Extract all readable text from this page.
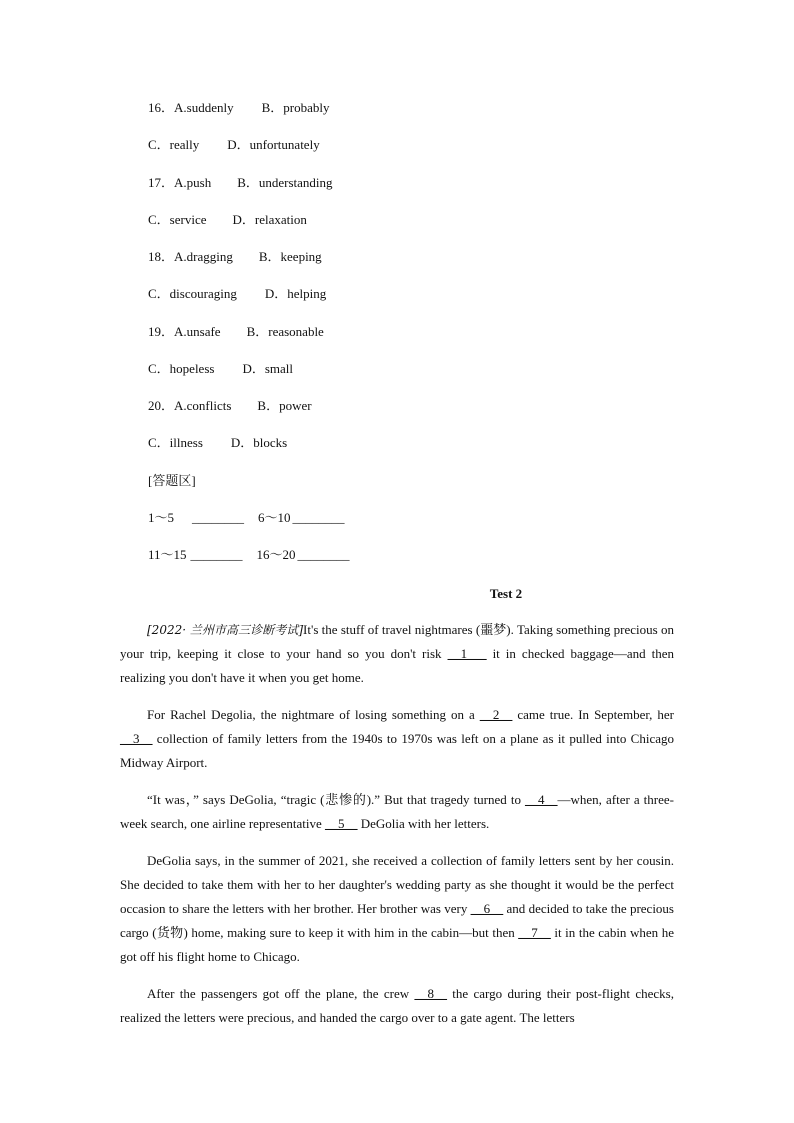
16．A.suddenly B．probably
C．really D．unfortunately
17．A.push B．understanding
C．service D．relaxation
18．A.dragging B．keeping
C．discouraging D．helping
19．A.unsafe B．reasonable
C．hopeless D．small
20．A.conflicts B．power
C．illness D．blocks
[答题区]
1～5 ________ 6～10 ________
11～15 ________ 16～20 ________
Test 2
[2022· 兰州市高三诊断考试]It's the stuff of travel nightmares (噩梦). Taking something precious on your trip, keeping it close to your hand so you don't risk __1___ it in checked baggage—and then realizing you don't have it when you get home.
For Rachel Degolia, the nightmare of losing something on a __2__ came true. In September, her __3__ collection of family letters from the 1940s to 1970s was left on a plane as it pulled into Chicago Midway Airport.
“It was，” says DeGolia, “tragic (悲惨的).” But that tragedy turned to __4__—when, after a three-week search, one airline representative __5__ DeGolia with her letters.
DeGolia says, in the summer of 2021, she received a collection of family letters sent by her cousin. She decided to take them with her to her daughter's wedding party as she thought it would be the perfect occasion to share the letters with her brother. Her brother was very __6__ and decided to take the precious cargo (货物) home, making sure to keep it with him in the cabin—but then __7__ it in the cabin when he got off his flight home to Chicago.
After the passengers got off the plane, the crew __8__ the cargo during their post-flight checks, realized the letters were precious, and handed the cargo over to a gate agent. The letters
